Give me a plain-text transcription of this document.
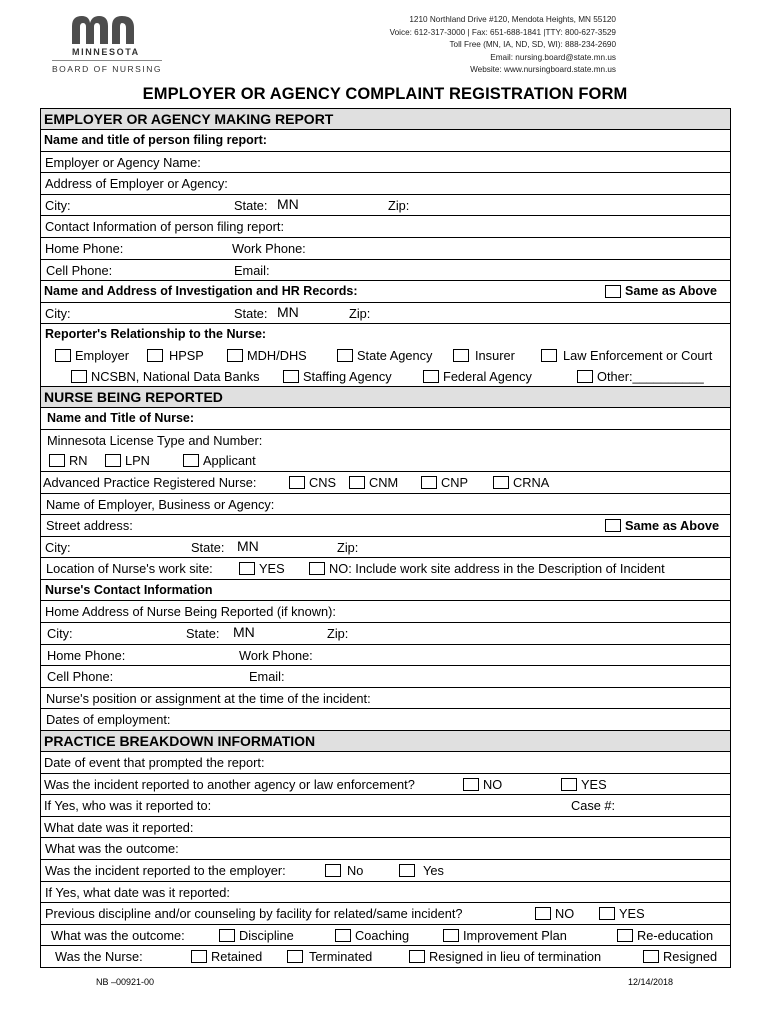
MINNESOTA
BOARD OF NURSING
1210 Northland Drive #120, Mendota Heights, MN 55120
Voice: 612-317-3000 | Fax: 651-688-1841 |TTY: 800-627-3529
Toll Free (MN, IA, ND, SD, WI): 888-234-2690
Email: nursing.board@state.mn.us
Website: www.nursingboard.state.mn.us
EMPLOYER OR AGENCY COMPLAINT REGISTRATION FORM
EMPLOYER OR AGENCY MAKING REPORT
Name and title of person filing report:
Employer or Agency Name:
Address of Employer or Agency:
City:	State: MN	Zip:
Contact Information of person filing report:
Home Phone:	Work Phone:
Cell Phone:	Email:
Name and Address of Investigation and HR Records:	Same as Above
City:	State: MN	Zip:
Reporter's Relationship to the Nurse:
Employer	HPSP	MDH/DHS	State Agency	Insurer	Law Enforcement or Court
NCSBN, National Data Banks	Staffing Agency	Federal Agency	Other:__________
NURSE BEING REPORTED
Name and Title of Nurse:
Minnesota License Type and Number:
RN	LPN	Applicant
Advanced Practice Registered Nurse:	CNS	CNM	CNP	CRNA
Name of Employer, Business or Agency:
Street address:	Same as Above
City:	State: MN	Zip:
Location of Nurse's work site:	YES	NO: Include work site address in the Description of Incident
Nurse's Contact Information
Home Address of Nurse Being Reported (if known):
City:	State: MN	Zip:
Home Phone:	Work Phone:
Cell Phone:	Email:
Nurse's position or assignment at the time of the incident:
Dates of employment:
PRACTICE BREAKDOWN INFORMATION
Date of event that prompted the report:
Was the incident reported to another agency or law enforcement?	NO	YES
If Yes, who was it reported to:	Case #:
What date was it reported:
What was the outcome:
Was the incident reported to the employer:	No	Yes
If Yes, what date was it reported:
Previous discipline and/or counseling by facility for related/same incident?	NO	YES
What was the outcome:	Discipline	Coaching	Improvement Plan	Re-education
Was the Nurse:	Retained	Terminated	Resigned in lieu of termination	Resigned
NB –00921-00	12/14/2018
